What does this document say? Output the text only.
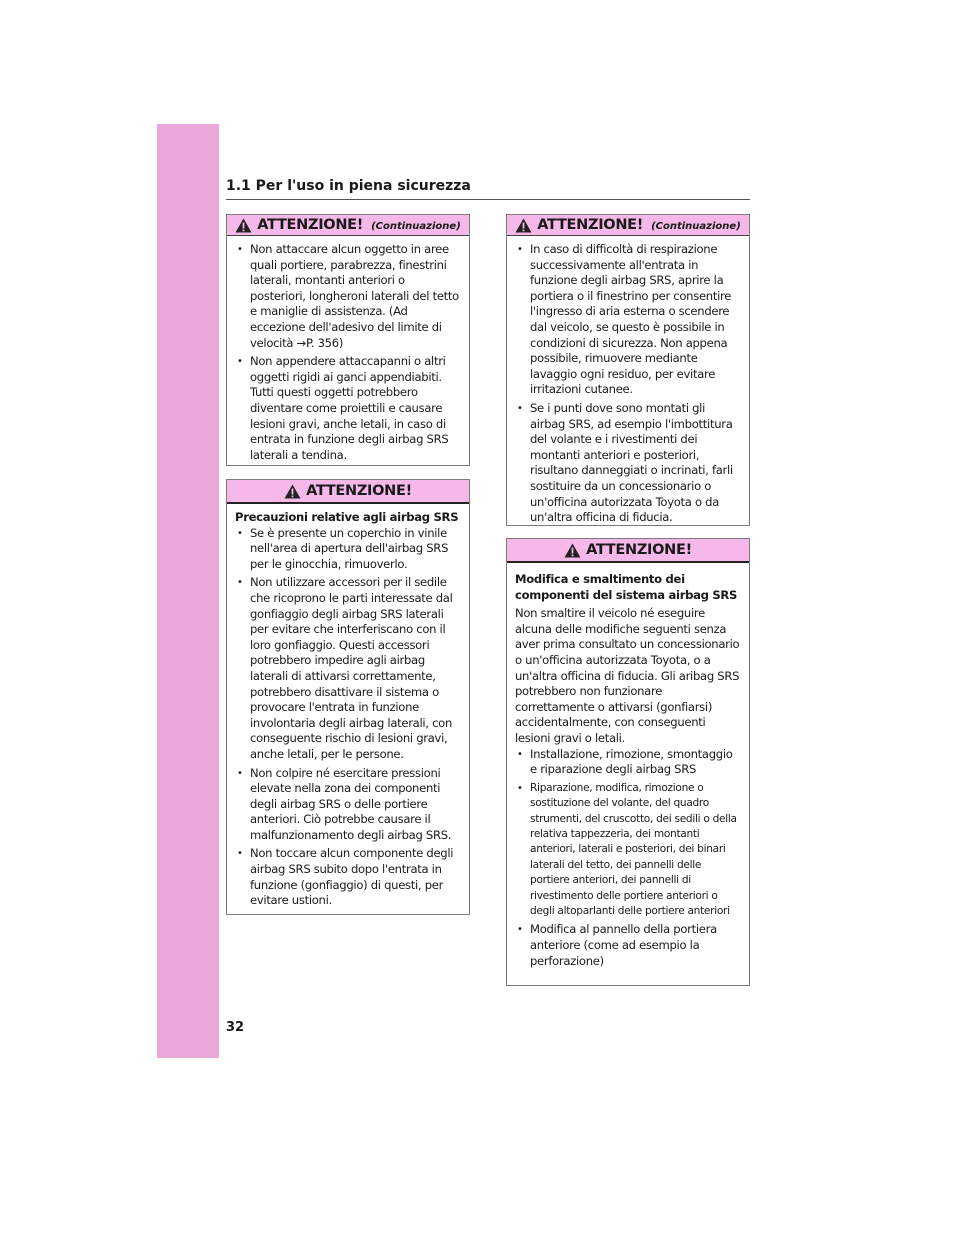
1.1 Per l'uso in piena sicurezza
ATTENZIONE! (Continuazione)
• Non attaccare alcun oggetto in aree quali portiere, parabrezza, finestrini laterali, montanti anteriori o posteriori, longheroni laterali del tetto e maniglie di assistenza. (Ad eccezione dell'adesivo del limite di velocità →P. 356)
• Non appendere attaccapanni o altri oggetti rigidi ai ganci appendiabiti. Tutti questi oggetti potrebbero diventare come proiettili e causare lesioni gravi, anche letali, in caso di entrata in funzione degli airbag SRS laterali a tendina.
ATTENZIONE!
Precauzioni relative agli airbag SRS
• Se è presente un coperchio in vinile nell'area di apertura dell'airbag SRS per le ginocchia, rimuoverlo.
• Non utilizzare accessori per il sedile che ricoprono le parti interessate dal gonfiaggio degli airbag SRS laterali per evitare che interferiscano con il loro gonfiaggio. Questi accessori potrebbero impedire agli airbag laterali di attivarsi correttamente, potrebbero disattivare il sistema o provocare l'entrata in funzione involontaria degli airbag laterali, con conseguente rischio di lesioni gravi, anche letali, per le persone.
• Non colpire né esercitare pressioni elevate nella zona dei componenti degli airbag SRS o delle portiere anteriori. Ciò potrebbe causare il malfunzionamento degli airbag SRS.
• Non toccare alcun componente degli airbag SRS subito dopo l'entrata in funzione (gonfiaggio) di questi, per evitare ustioni.
ATTENZIONE! (Continuazione)
• In caso di difficoltà di respirazione successivamente all'entrata in funzione degli airbag SRS, aprire la portiera o il finestrino per consentire l'ingresso di aria esterna o scendere dal veicolo, se questo è possibile in condizioni di sicurezza. Non appena possibile, rimuovere mediante lavaggio ogni residuo, per evitare irritazioni cutanee.
• Se i punti dove sono montati gli airbag SRS, ad esempio l'imbottitura del volante e i rivestimenti dei montanti anteriori e posteriori, risultano danneggiati o incrinati, farli sostituire da un concessionario o un'officina autorizzata Toyota o da un'altra officina di fiducia.
ATTENZIONE!
Modifica e smaltimento dei componenti del sistema airbag SRS
Non smaltire il veicolo né eseguire alcuna delle modifiche seguenti senza aver prima consultato un concessionario o un'officina autorizzata Toyota, o a un'altra officina di fiducia. Gli aribag SRS potrebbero non funzionare correttamente o attivarsi (gonfiarsi) accidentalmente, con conseguenti lesioni gravi o letali.
• Installazione, rimozione, smontaggio e riparazione degli airbag SRS
• Riparazione, modifica, rimozione o sostituzione del volante, del quadro strumenti, del cruscotto, dei sedili o della relativa tappezzeria, dei montanti anteriori, laterali e posteriori, dei binari laterali del tetto, dei pannelli delle portiere anteriori, dei pannelli di rivestimento delle portiere anteriori o degli altoparlanti delle portiere anteriori
• Modifica al pannello della portiera anteriore (come ad esempio la perforazione)
32
